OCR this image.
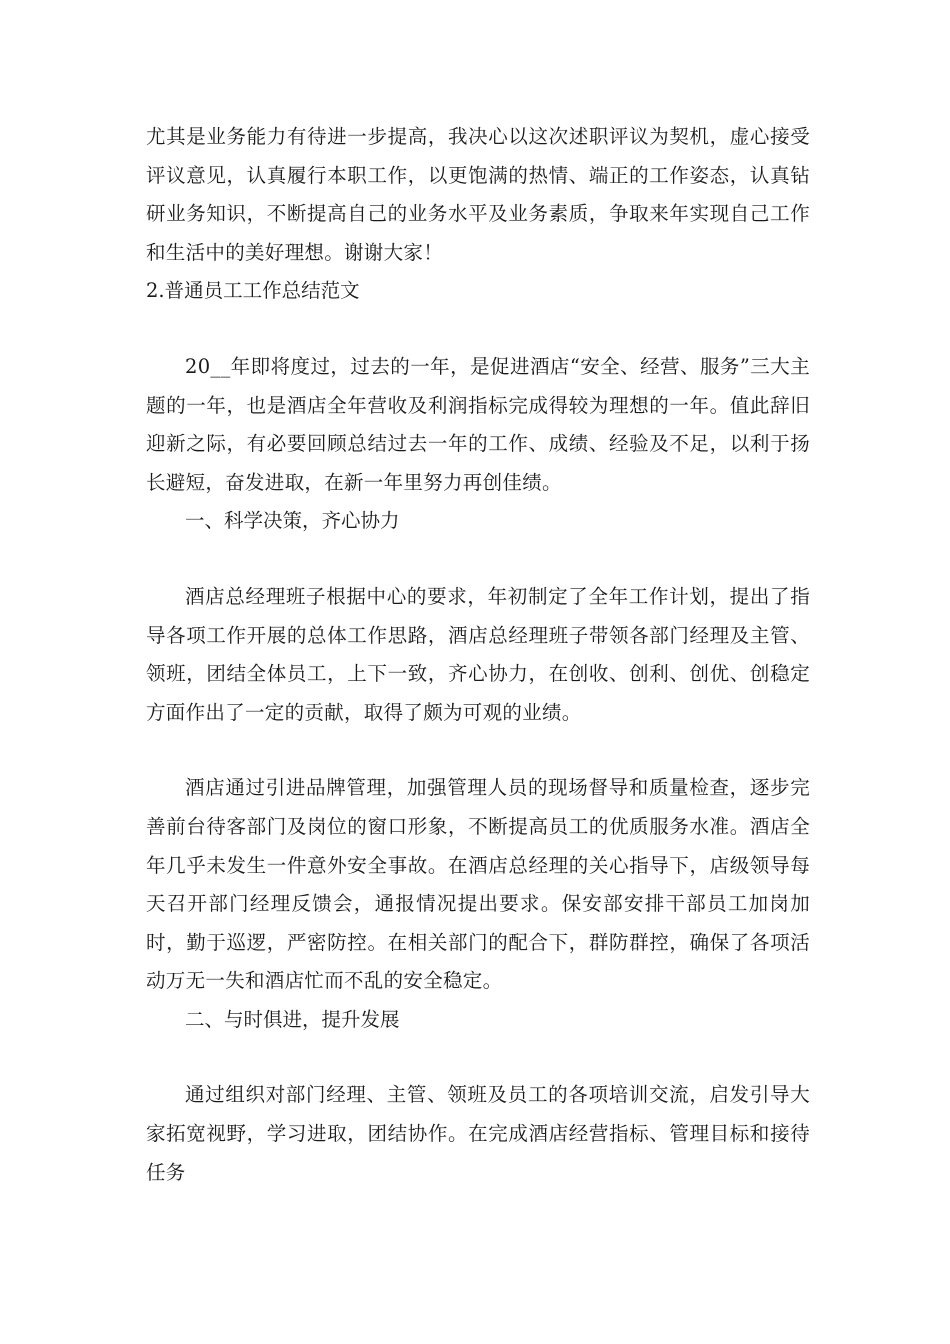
尤其是业务能力有待进一步提高，我决心以这次述职评议为契机，虚心接受评议意见，认真履行本职工作，以更饱满的热情、端正的工作姿态，认真钻研业务知识，不断提高自己的业务水平及业务素质，争取来年实现自己工作和生活中的美好理想。谢谢大家！

2.普通员工工作总结范文

20__年即将度过，过去的一年，是促进酒店“安全、经营、服务”三大主题的一年，也是酒店全年营收及利润指标完成得较为理想的一年。值此辞旧迎新之际，有必要回顾总结过去一年的工作、成绩、经验及不足，以利于扬长避短，奋发进取，在新一年里努力再创佳绩。

一、科学决策，齐心协力

酒店总经理班子根据中心的要求，年初制定了全年工作计划，提出了指导各项工作开展的总体工作思路，酒店总经理班子带领各部门经理及主管、领班，团结全体员工，上下一致，齐心协力，在创收、创利、创优、创稳定方面作出了一定的贡献，取得了颇为可观的业绩。

酒店通过引进品牌管理，加强管理人员的现场督导和质量检查，逐步完善前台待客部门及岗位的窗口形象，不断提高员工的优质服务水准。酒店全年几乎未发生一件意外安全事故。在酒店总经理的关心指导下，店级领导每天召开部门经理反馈会，通报情况提出要求。保安部安排干部员工加岗加时，勤于巡逻，严密防控。在相关部门的配合下，群防群控，确保了各项活动万无一失和酒店忙而不乱的安全稳定。

二、与时俱进，提升发展

通过组织对部门经理、主管、领班及员工的各项培训交流，启发引导大家拓宽视野，学习进取，团结协作。在完成酒店经营指标、管理目标和接待任务
